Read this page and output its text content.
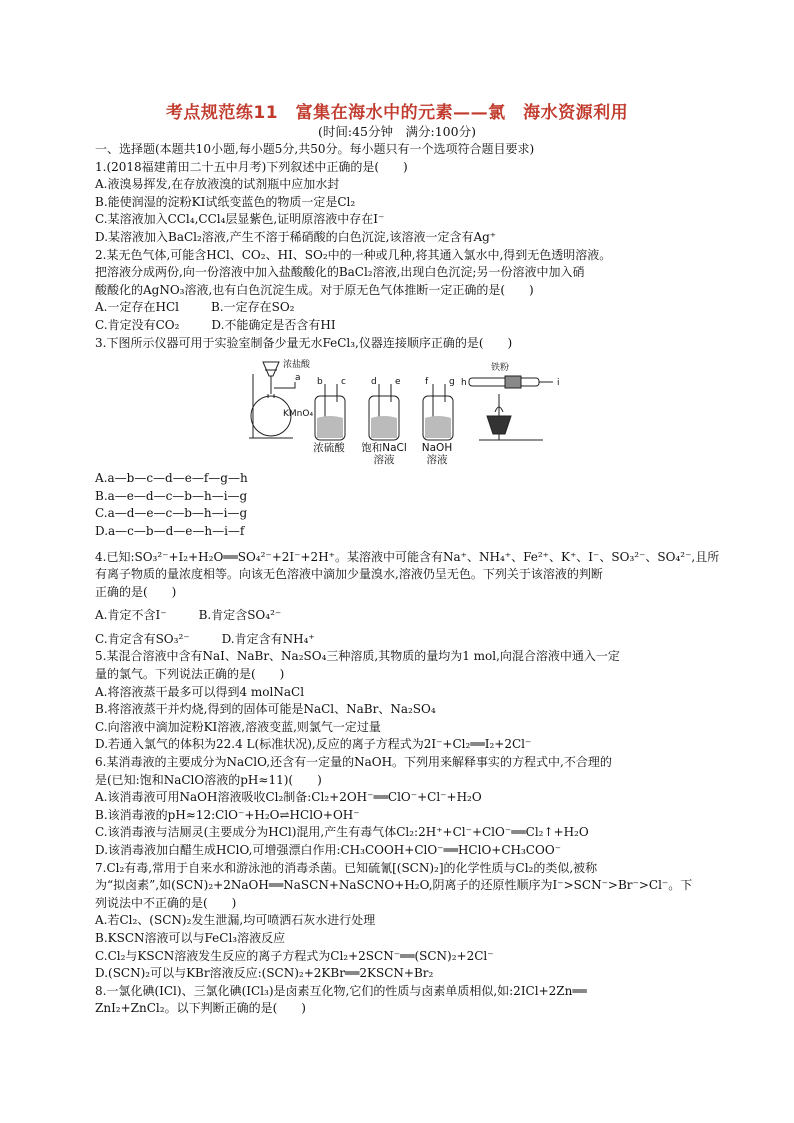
考点规范练11　富集在海水中的元素——氯　海水资源利用
(时间:45分钟　满分:100分)
一、选择题(本题共10小题,每小题5分,共50分。每小题只有一个选项符合题目要求)
1.(2018福建莆田二十五中月考)下列叙述中正确的是(　　)
A.液溴易挥发,在存放液溴的试剂瓶中应加水封
B.能使润湿的淀粉KI试纸变蓝色的物质一定是Cl₂
C.某溶液加入CCl₄,CCl₄层显紫色,证明原溶液中存在I⁻
D.某溶液加入BaCl₂溶液,产生不溶于稀硝酸的白色沉淀,该溶液一定含有Ag⁺
2.某无色气体,可能含HCl、CO₂、HI、SO₂中的一种或几种,将其通入氯水中,得到无色透明溶液。
把溶液分成两份,向一份溶液中加入盐酸酸化的BaCl₂溶液,出现白色沉淀;另一份溶液中加入硝
酸酸化的AgNO₃溶液,也有白色沉淀生成。对于原无色气体推断一定正确的是(　　)
A.一定存在HCl	B.一定存在SO₂
C.肯定没有CO₂	D.不能确定是否含有HI
3.下图所示仪器可用于实验室制备少量无水FeCl₃,仪器连接顺序正确的是(　　)
浓盐酸
KMnO₄
铁粉
a b c	d e	f g h	i
浓硫酸	饱和NaCl
溶液
NaOH
溶液
A.a—b—c—d—e—f—g—h
B.a—e—d—c—b—h—i—g
C.a—d—e—c—b—h—i—g
D.a—c—b—d—e—h—i—f
4.已知:SO₃²⁻+I₂+H₂O══SO₄²⁻+2I⁻+2H⁺。某溶液中可能含有Na⁺、NH₄⁺、Fe²⁺、K⁺、I⁻、SO₃²⁻、SO₄²⁻,且所
有离子物质的量浓度相等。向该无色溶液中滴加少量溴水,溶液仍呈无色。下列关于该溶液的判断
正确的是(　　)
A.肯定不含I⁻	B.肯定含SO₄²⁻
C.肯定含有SO₃²⁻	D.肯定含有NH₄⁺
5.某混合溶液中含有NaI、NaBr、Na₂SO₄三种溶质,其物质的量均为1 mol,向混合溶液中通入一定
量的氯气。下列说法正确的是(　　)
A.将溶液蒸干最多可以得到4 molNaCl
B.将溶液蒸干并灼烧,得到的固体可能是NaCl、NaBr、Na₂SO₄
C.向溶液中滴加淀粉KI溶液,溶液变蓝,则氯气一定过量
D.若通入氯气的体积为22.4 L(标准状况),反应的离子方程式为2I⁻+Cl₂══I₂+2Cl⁻
6.某消毒液的主要成分为NaClO,还含有一定量的NaOH。下列用来解释事实的方程式中,不合理的
是(已知:饱和NaClO溶液的pH≈11)(　　)
A.该消毒液可用NaOH溶液吸收Cl₂制备:Cl₂+2OH⁻══ClO⁻+Cl⁻+H₂O
B.该消毒液的pH≈12:ClO⁻+H₂O⇌HClO+OH⁻
C.该消毒液与洁厕灵(主要成分为HCl)混用,产生有毒气体Cl₂:2H⁺+Cl⁻+ClO⁻══Cl₂↑+H₂O
D.该消毒液加白醋生成HClO,可增强漂白作用:CH₃COOH+ClO⁻══HClO+CH₃COO⁻
7.Cl₂有毒,常用于自来水和游泳池的消毒杀菌。已知硫氰[(SCN)₂]的化学性质与Cl₂的类似,被称
为“拟卤素”,如(SCN)₂+2NaOH══NaSCN+NaSCNO+H₂O,阴离子的还原性顺序为I⁻>SCN⁻>Br⁻>Cl⁻。下
列说法中不正确的是(　　)
A.若Cl₂、(SCN)₂发生泄漏,均可喷洒石灰水进行处理
B.KSCN溶液可以与FeCl₃溶液反应
C.Cl₂与KSCN溶液发生反应的离子方程式为Cl₂+2SCN⁻══(SCN)₂+2Cl⁻
D.(SCN)₂可以与KBr溶液反应:(SCN)₂+2KBr══2KSCN+Br₂
8.一氯化碘(ICl)、三氯化碘(ICl₃)是卤素互化物,它们的性质与卤素单质相似,如:2ICl+2Zn══
ZnI₂+ZnCl₂。以下判断正确的是(　　)
